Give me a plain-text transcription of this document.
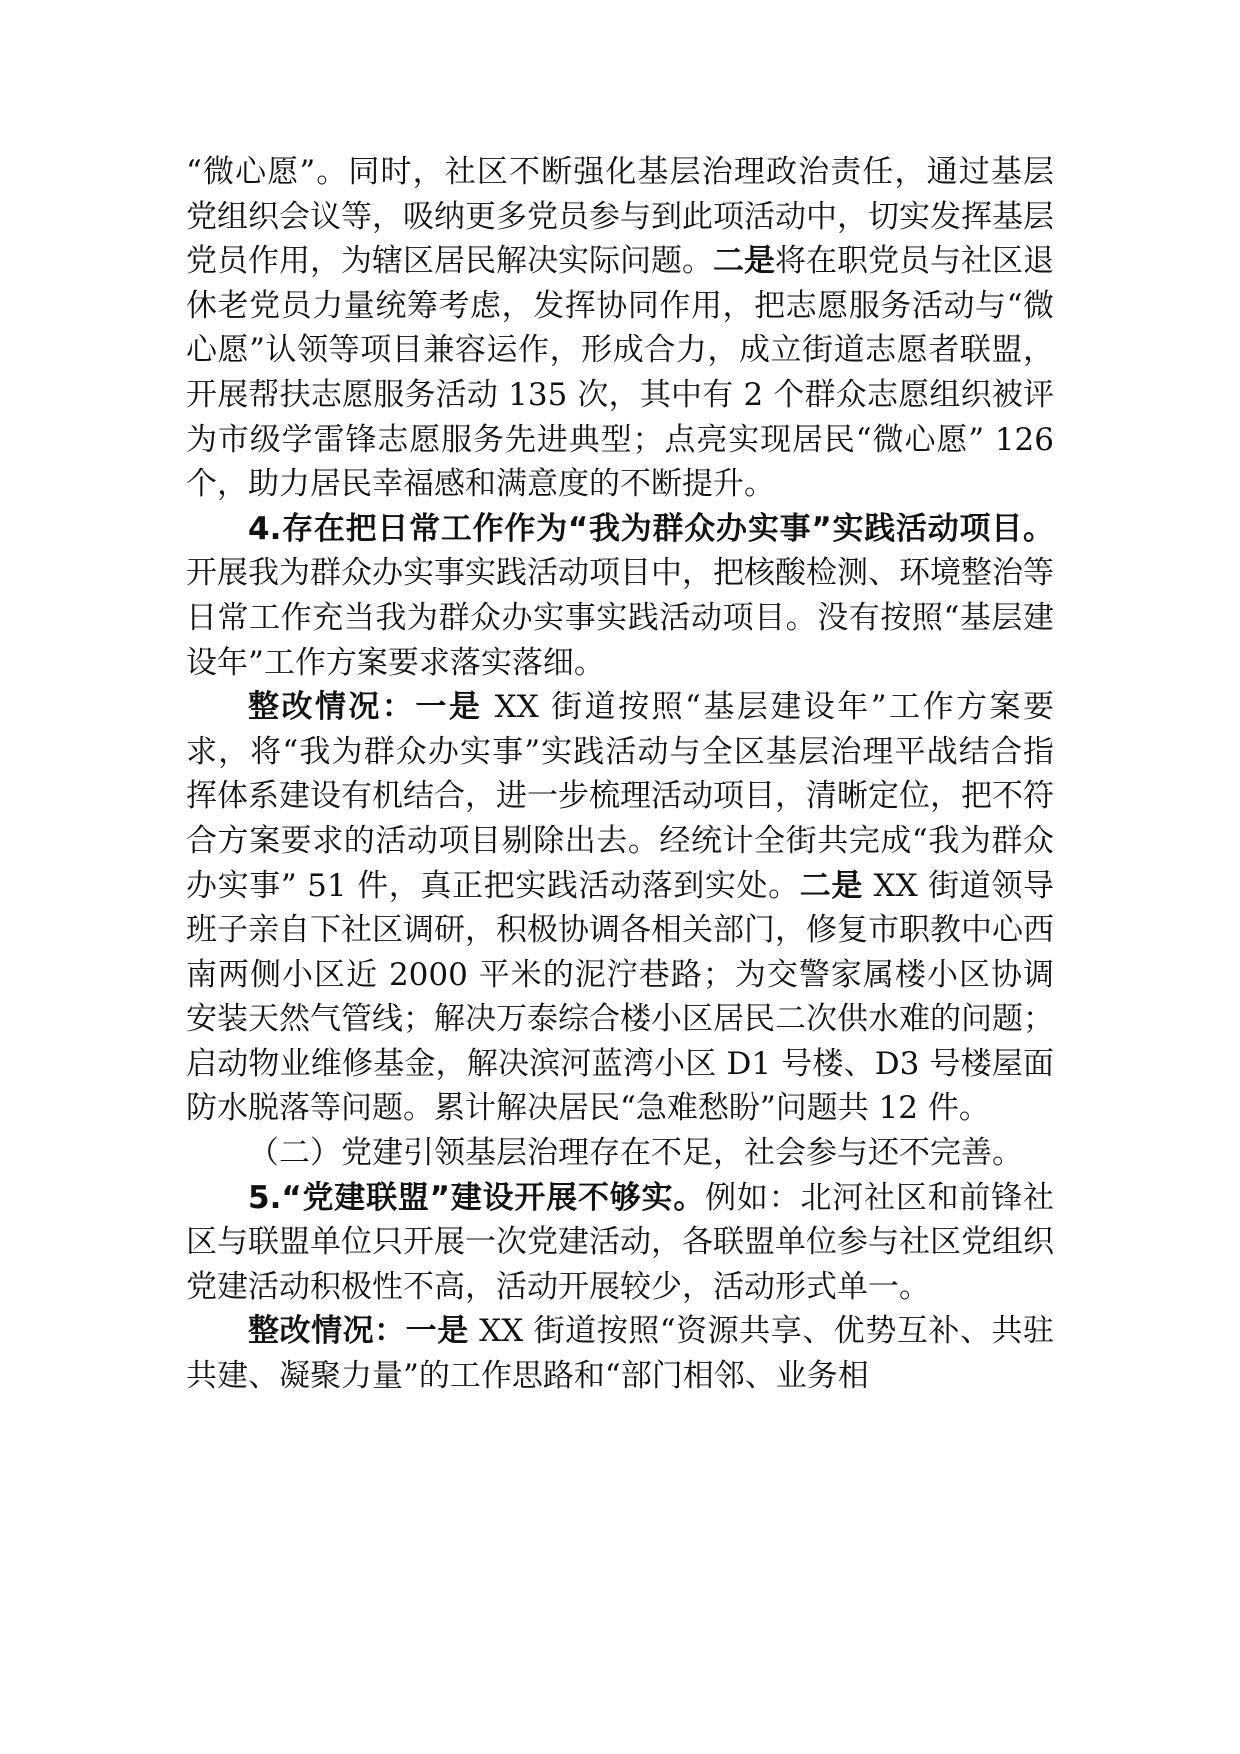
“微心愿”。同时，社区不断强化基层治理政治责任，通过基层党组织会议等，吸纳更多党员参与到此项活动中，切实发挥基层党员作用，为辖区居民解决实际问题。二是将在职党员与社区退休老党员力量统筹考虑，发挥协同作用，把志愿服务活动与“微心愿”认领等项目兼容运作，形成合力，成立街道志愿者联盟，开展帮扶志愿服务活动 135 次，其中有 2 个群众志愿组织被评为市级学雷锋志愿服务先进典型；点亮实现居民“微心愿” 126 个，助力居民幸福感和满意度的不断提升。

4.存在把日常工作作为“我为群众办实事”实践活动项目。开展我为群众办实事实践活动项目中，把核酸检测、环境整治等日常工作充当我为群众办实事实践活动项目。没有按照“基层建设年”工作方案要求落实落细。

整改情况：一是 XX 街道按照“基层建设年”工作方案要求，将“我为群众办实事”实践活动与全区基层治理平战结合指挥体系建设有机结合，进一步梳理活动项目，清晰定位，把不符合方案要求的活动项目剔除出去。经统计全街共完成“我为群众办实事” 51 件，真正把实践活动落到实处。二是 XX 街道领导班子亲自下社区调研，积极协调各相关部门，修复市职教中心西南两侧小区近 2000 平米的泥泞巷路；为交警家属楼小区协调安装天然气管线；解决万泰综合楼小区居民二次供水难的问题；启动物业维修基金，解决滨河蓝湾小区 D1 号楼、D3 号楼屋面防水脱落等问题。累计解决居民“急难愁盼”问题共 12 件。

（二）党建引领基层治理存在不足，社会参与还不完善。

5.“党建联盟”建设开展不够实。例如：北河社区和前锋社区与联盟单位只开展一次党建活动，各联盟单位参与社区党组织党建活动积极性不高，活动开展较少，活动形式单一。

整改情况：一是 XX 街道按照“资源共享、优势互补、共驻共建、凝聚力量”的工作思路和“部门相邻、业务相
